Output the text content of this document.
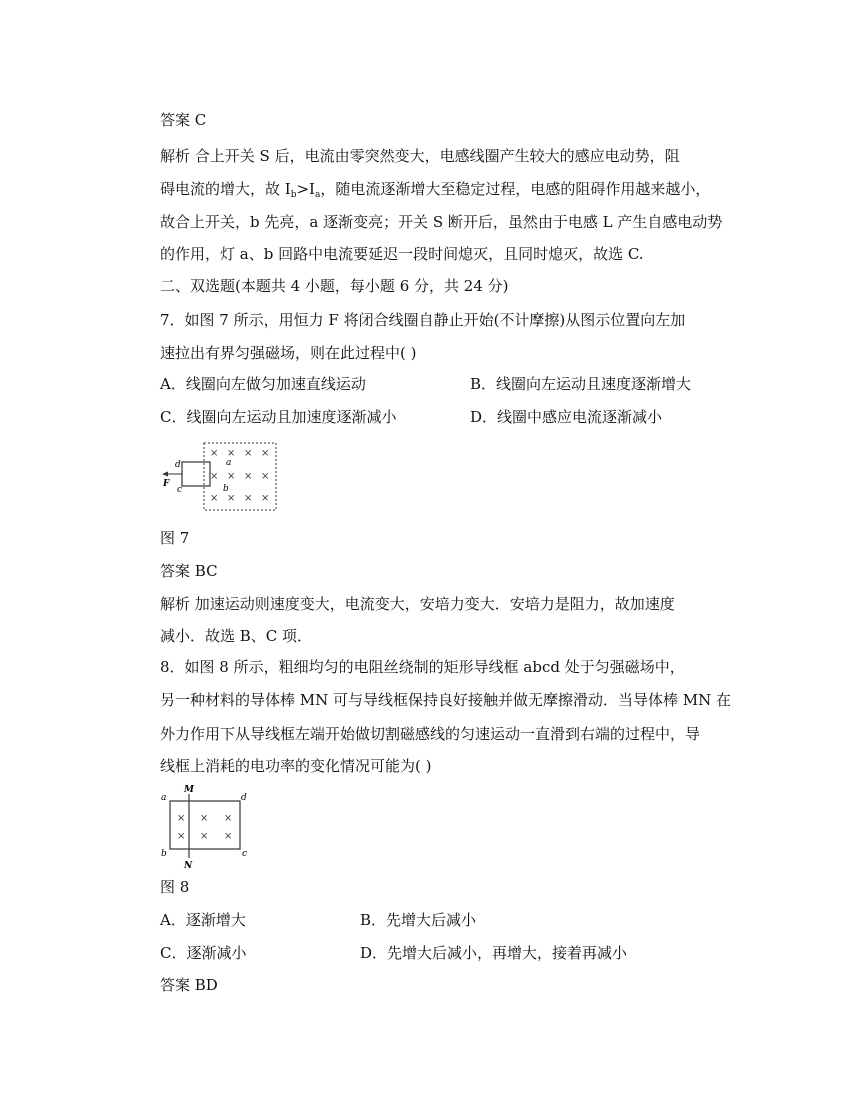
答案 C
解析 合上开关 S 后，电流由零突然变大，电感线圈产生较大的感应电动势，阻
碍电流的增大，故 $I_b>I_a$，随电流逐渐增大至稳定过程，电感的阻碍作用越来越小，
故合上开关，b 先亮，a 逐渐变亮；开关 S 断开后，虽然由于电感 L 产生自感电动势
的作用，灯 a、b 回路中电流要延迟一段时间熄灭，且同时熄灭，故选 C.
二、双选题(本题共 4 小题，每小题 6 分，共 24 分)
7．如图 7 所示，用恒力 F 将闭合线圈自静止开始(不计摩擦)从图示位置向左加
速拉出有界匀强磁场，则在此过程中( )
A．线圈向左做匀加速直线运动	B．线圈向左运动且速度逐渐增大
C．线圈向左运动且加速度逐渐减小	D．线圈中感应电流逐渐减小
d
c
a
b
F
× × × ×
× × × ×
× × × ×
图 7
答案 BC
解析 加速运动则速度变大，电流变大，安培力变大．安培力是阻力，故加速度
减小．故选 B、C 项．
8．如图 8 所示，粗细均匀的电阻丝绕制的矩形导线框 abcd 处于匀强磁场中，
另一种材料的导体棒 MN 可与导线框保持良好接触并做无摩擦滑动．当导体棒 MN 在
外力作用下从导线框左端开始做切割磁感线的匀速运动一直滑到右端的过程中，导
线框上消耗的电功率的变化情况可能为( )
M
N
a
b	c
d
× × ×
× × ×
图 8
A．逐渐增大	B．先增大后减小
C．逐渐减小	D．先增大后减小，再增大，接着再减小
答案 BD
